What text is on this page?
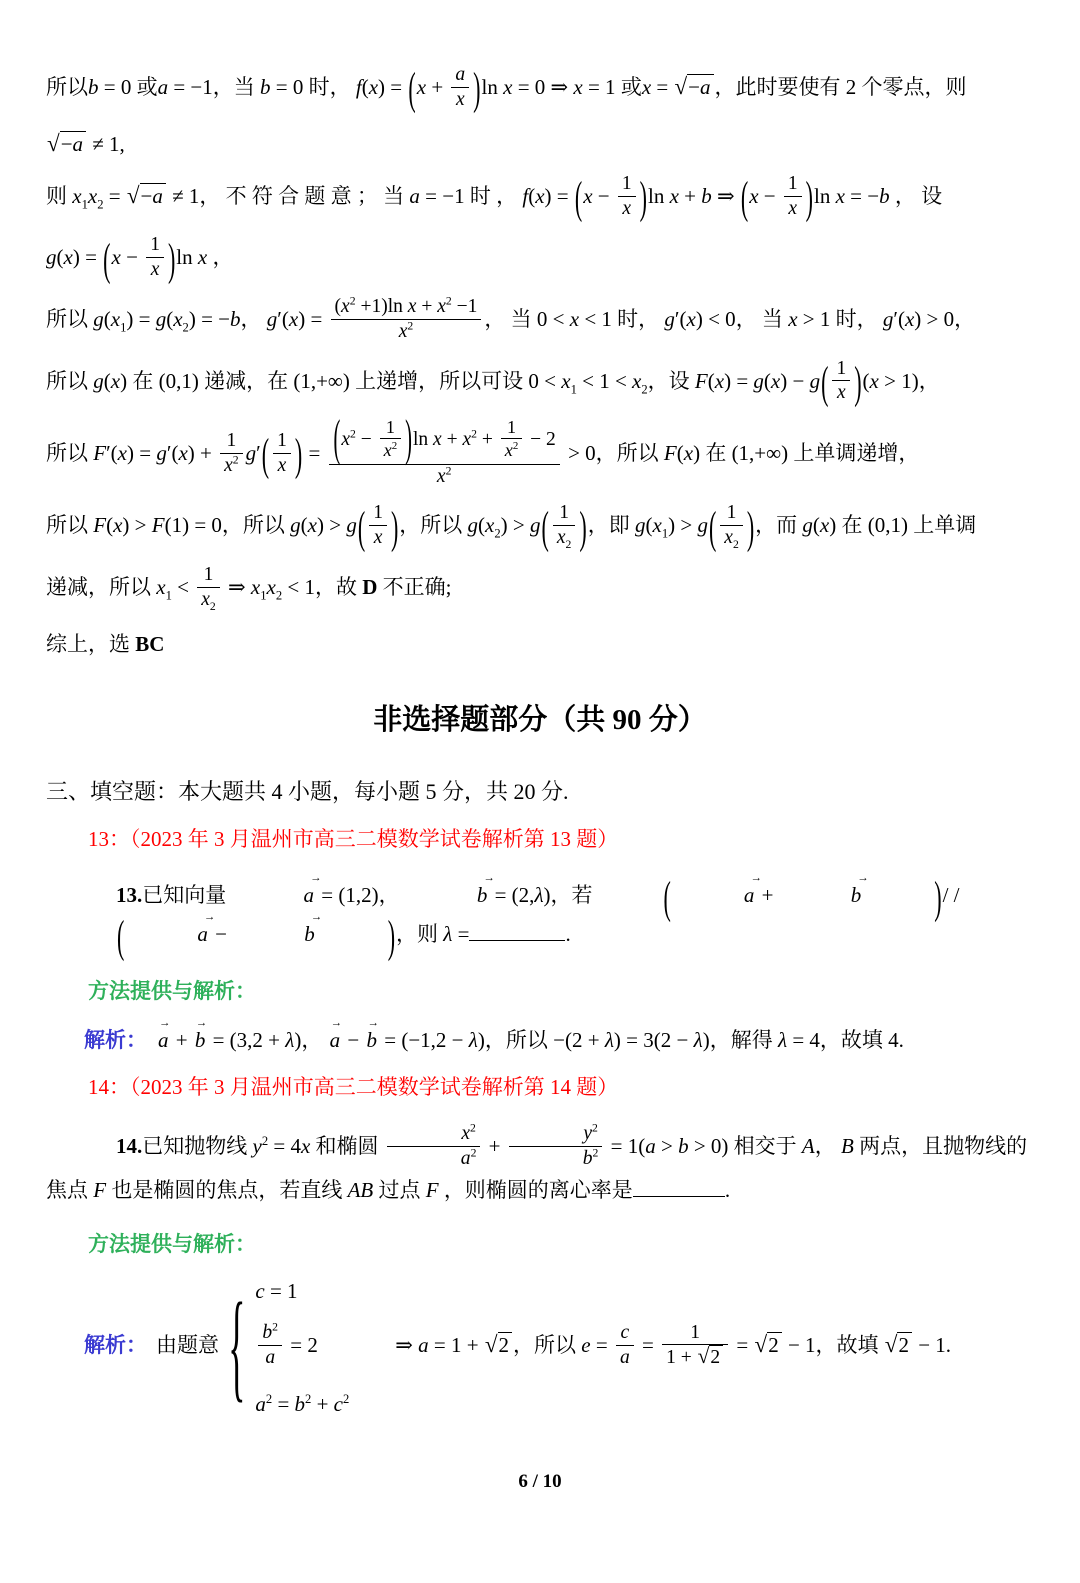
所以b = 0 或a = −1，当 b = 0 时， $f(x) = (x + \frac{a}{x} )\ln$ x = 0 ⇒ x = 1 或x = √ −a ，此时要使有 2 个零点，则
√ −a ≠ 1,
则 $x_1x_2$ = √ −a ≠ 1， 不 符 合 题 意 ； 当 a = −1 时 ， $f(x) = (x - \frac{1}{x} )\ln$ x + b ⇒ $(x - \frac{1}{x} )\ln$ x = −b ， 设
$g(x) = (x - \frac{1}{x} )\ln$ x ，
所以 $g(x_1) = g(x_2) = -b$， $g'(x) = \frac{(x^2 +1)\ln x + x^2 -1}{x^2}$ ， 当 0 < x < 1 时， g′(x) < 0， 当 x > 1 时， g′(x) > 0，
所以 g(x) 在 (0,1) 递减，在 (1,+∞) 上递增，所以可设 $0 < x_1 < 1 < x_2$，设 $F(x) = g(x) - g( \frac{1}{x} )(x > 1)$，
所以 $F'(x) = g'(x) + \frac{1}{x^2} g'( \frac{1}{x}$ ) = $\frac{(x^2 - \frac{1}{x^2} )\ln x + x^2 + \frac{1}{x^2} - 2}{x^2} > 0$，所以 F(x) 在 (1,+∞) 上单调递增，
所以 F(x) > F(1) = 0，所以 $g(x) > g( \frac{1}{x}$ )，所以 $g(x_2) > g( \frac{1}{x_2}$ )，即 $g(x_1) > g( \frac{1}{x_2}$ )，而 g(x) 在 (0,1) 上单调
递减，所以 $x_1 < \frac{1}{x_2}$ ⇒ $x_1x_2 < 1$，故 D 不正确;
综上，选 BC
非选择题部分（共 90 分）
三、填空题：本大题共 4 小题，每小题 5 分，共 20 分.
13：（2023 年 3 月温州市高三二模数学试卷解析第 13 题）
13.已知向量
→
a = (1,2)，
→
b = (2,λ)，若	(	→
a +
→
b	)/ /(	→
a −
→
b	)，则 λ =	.
方法提供与解析：
解析：
→
a +
→
b = (3,2 + λ)，
→
a −
→
b = (−1,2 − λ)，所以 −(2 + λ) = 3(2 − λ)，解得 λ = 4，故填 4.
14：（2023 年 3 月温州市高三二模数学试卷解析第 14 题）
14.已知抛物线 $y^2 = 4x$ 和椭圆 $\frac{x^2}{a^2} + \frac{y^2}{b^2} = 1(a > b > 0)$ 相交于 A， B 两点，且抛物线的焦点 F 也是椭圆的焦点，若直线 AB 过点 F ，则椭圆的离心率是	.
方法提供与解析：
解析： 由题意 { c = 1
$\frac{b^2}{a} = 2$
$a^2 = b^2 + c^2$
⇒ a = 1 + √ 2 ，所以 $e = \frac{c}{a} = \frac{1}{1 + √ 2}$ = √ 2 − 1，故填 √ 2 − 1.
6 / 10
